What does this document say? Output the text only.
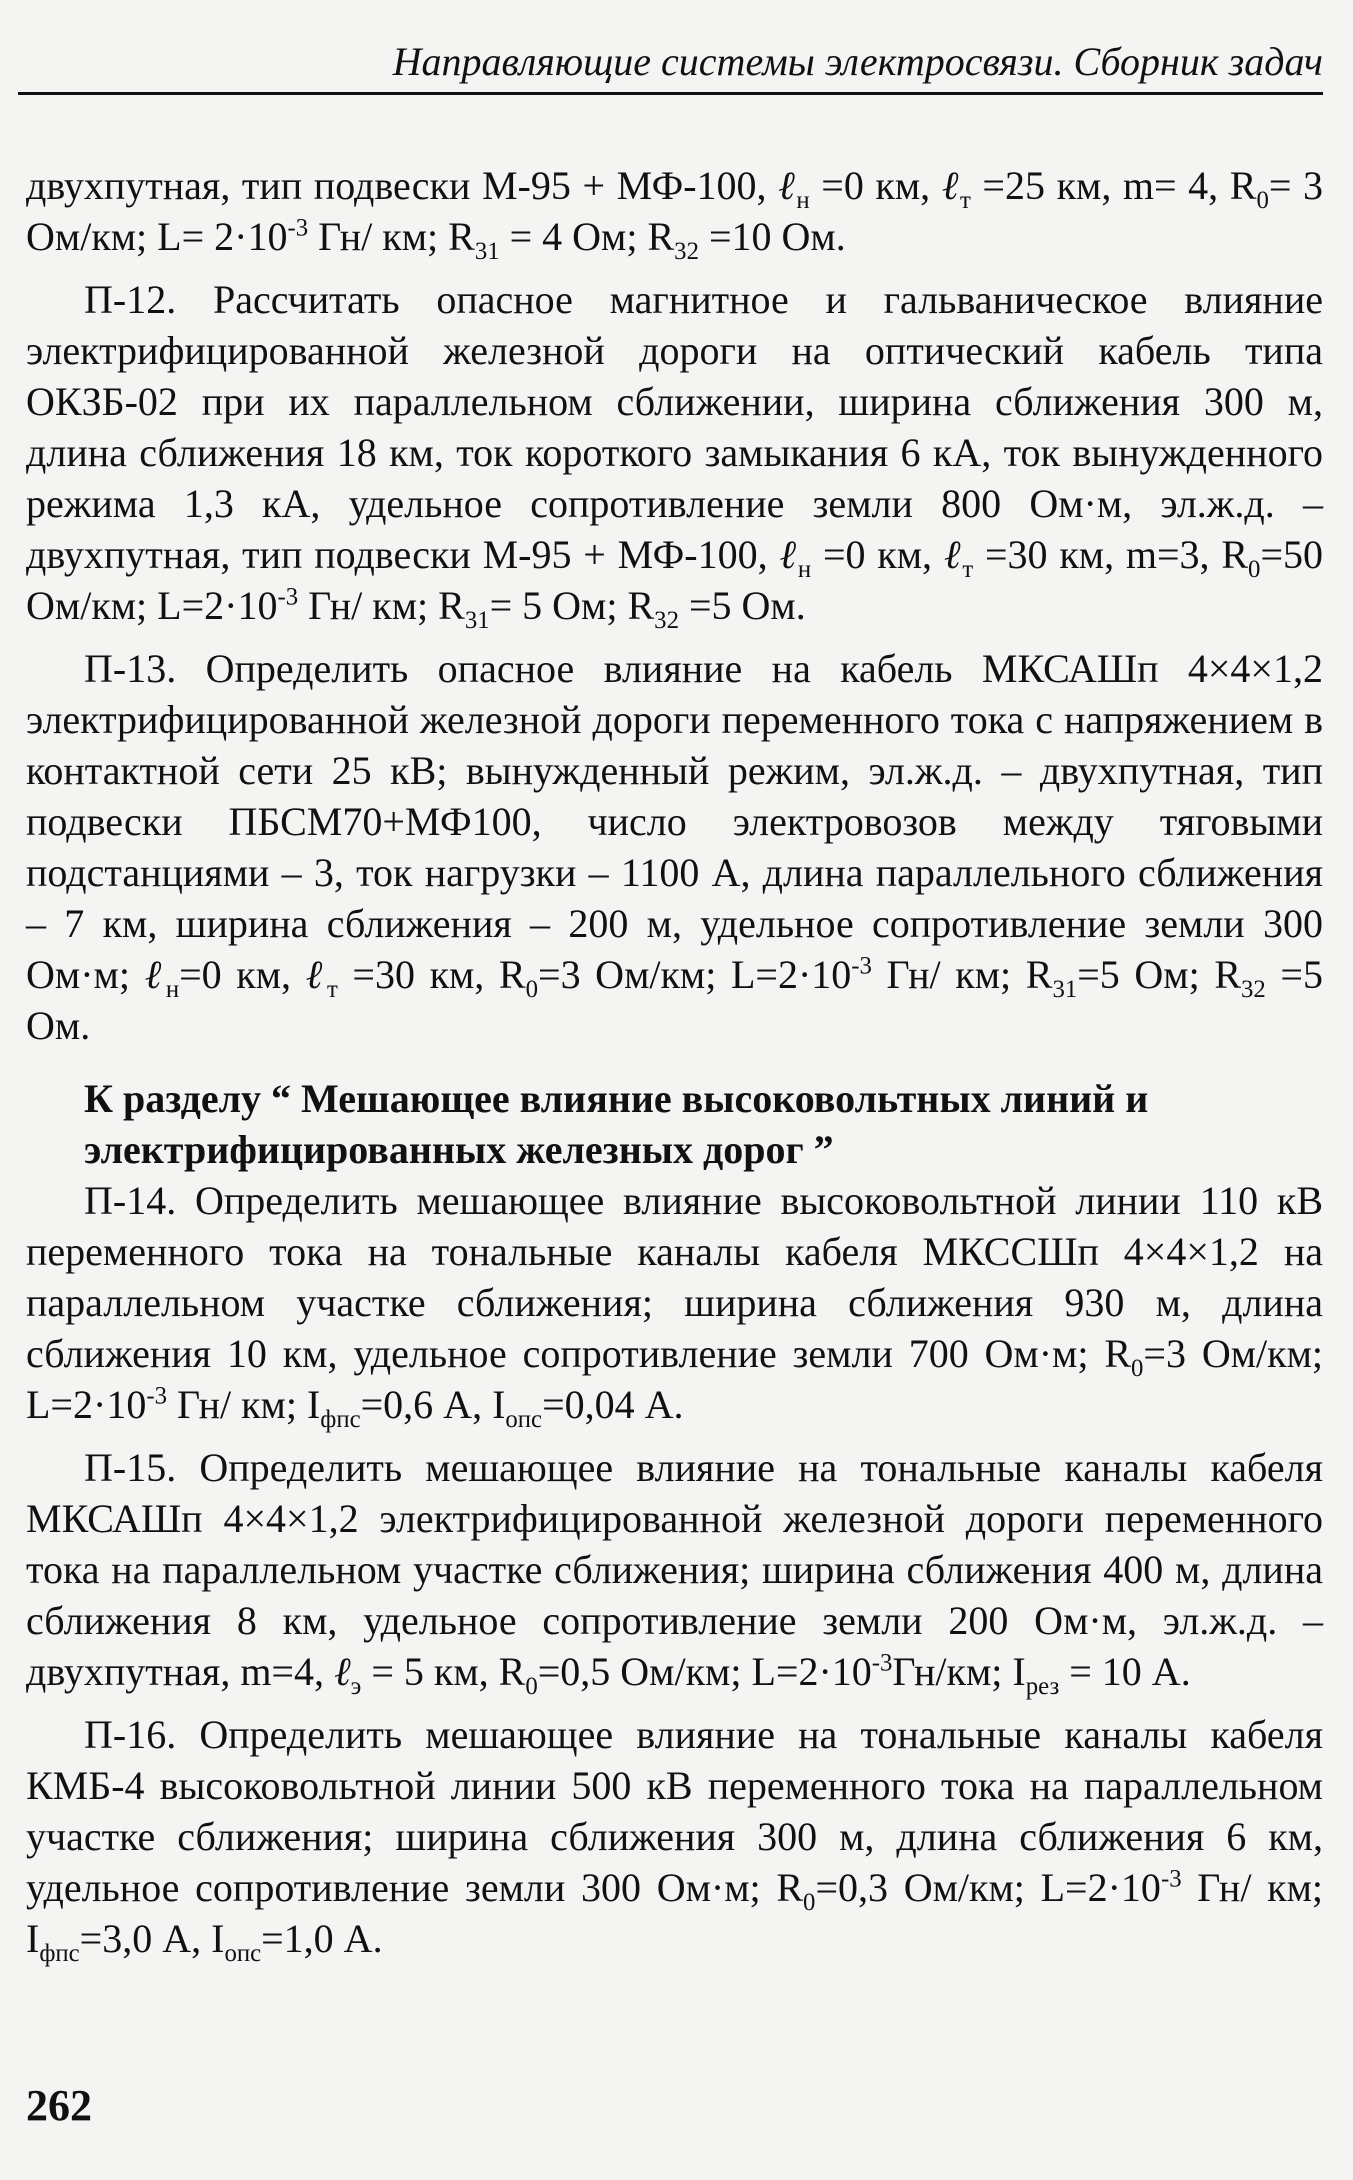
Направляющие системы электросвязи. Сборник задач

двухпутная, тип подвески М-95 + МФ-100, ℓ$_н$ =0 км, ℓ$_т$ =25 км, m= 4, $R_0= 3$ Ом/км; $L= 2\cdot 10^{-3}$ Гн/ км; $R_{31} = 4$ Ом; $R_{32} =10$ Ом.

П-12. Рассчитать опасное магнитное и гальваническое влияние электрифицированной железной дороги на оптический кабель типа ОКЗБ-02 при их параллельном сближении, ширина сближения 300 м, длина сближения 18 км, ток короткого замыкания 6 кА, ток вынужденного режима 1,3 кА, удельное сопротивление земли 800 Ом·м, эл.ж.д. – двухпутная, тип подвески М-95 + МФ-100, ℓ$_н$ =0 км, ℓ$_т$ =30 км, m=3, $R_0=50$ Ом/км; $L=2\cdot 10^{-3}$ Гн/ км; $R_{31}= 5$ Ом; $R_{32} =5$ Ом.

П-13. Определить опасное влияние на кабель МКСАШп 4×4×1,2 электрифицированной железной дороги переменного тока с напряжением в контактной сети 25 кВ; вынужденный режим, эл.ж.д. – двухпутная, тип подвески ПБСМ70+МФ100, число электровозов между тяговыми подстанциями – 3, ток нагрузки – 1100 А, длина параллельного сближения – 7 км, ширина сближения – 200 м, удельное сопротивление земли 300 Ом·м; ℓ$_н$=0 км, ℓ$_т$ =30 км, $R_0=3$ Ом/км; $L=2\cdot 10^{-3}$ Гн/ км; $R_{31}=5$ Ом; $R_{32} =5$ Ом.

К разделу “ Мешающее влияние высоковольтных линий и
электрифицированных железных дорог ”

П-14. Определить мешающее влияние высоковольтной линии 110 кВ переменного тока на тональные каналы кабеля МКССШп 4×4×1,2 на параллельном участке сближения; ширина сближения 930 м, длина сближения 10 км, удельное сопротивление земли 700 Ом·м; $R_0=3$ Ом/км; $L=2\cdot 10^{-3}$ Гн/ км; $I_{фпс}=0,6$ А, $I_{опс}=0,04$ А.

П-15. Определить мешающее влияние на тональные каналы кабеля МКСАШп 4×4×1,2 электрифицированной железной дороги переменного тока на параллельном участке сближения; ширина сближения 400 м, длина сближения 8 км, удельное сопротивление земли 200 Ом·м, эл.ж.д. – двухпутная, m=4, ℓ$_э$ = 5 км, $R_0=0,5$ Ом/км; $L=2\cdot 10^{-3}Гн/км$; $I_{рез} = 10$ А.

П-16. Определить мешающее влияние на тональные каналы кабеля КМБ-4 высоковольтной линии 500 кВ переменного тока на параллельном участке сближения; ширина сближения 300 м, длина сближения 6 км, удельное сопротивление земли 300 Ом·м; $R_0=0,3$ Ом/км; $L=2\cdot 10^{-3}$ Гн/ км; $I_{фпс}=3,0$ А, $I_{опс}=1,0$ А.

262
